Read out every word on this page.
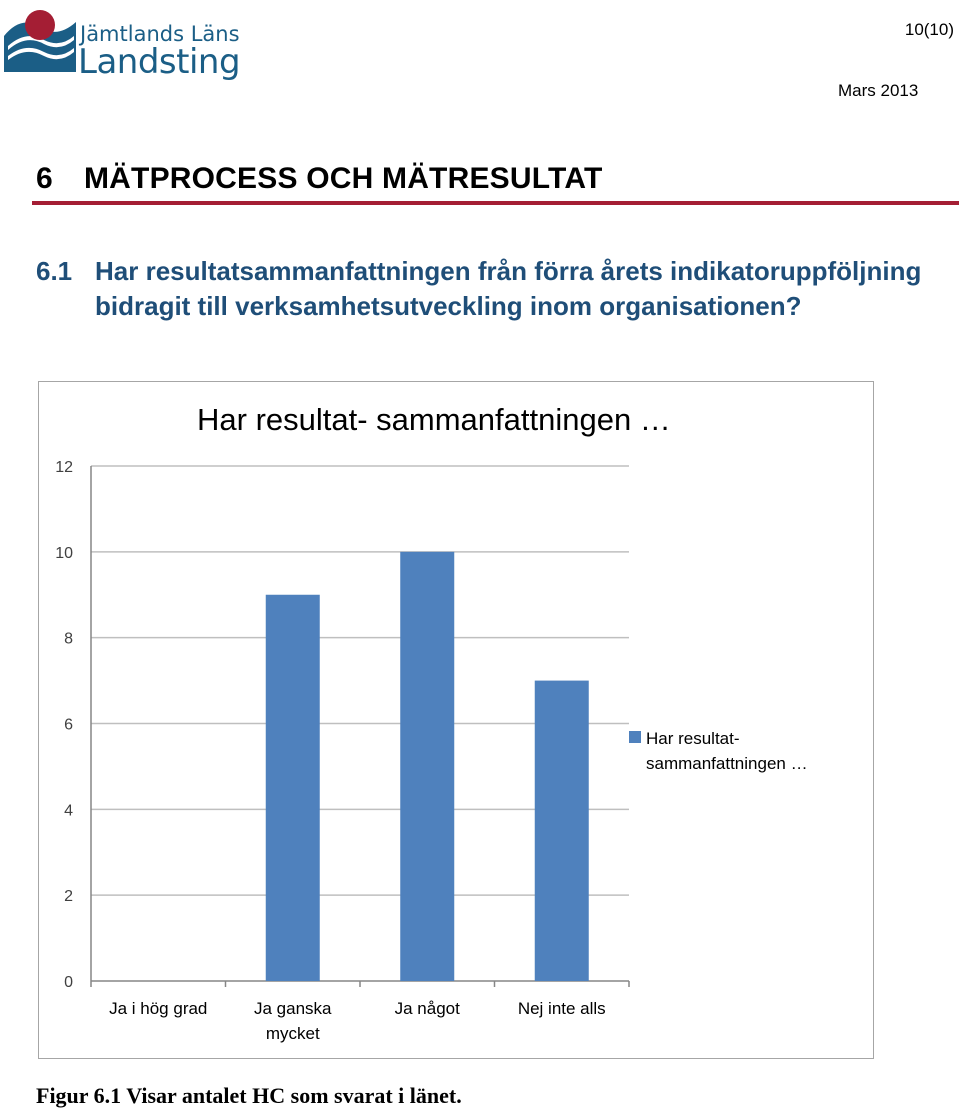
Jämtlands Läns
Landsting
10(10)
Mars 2013
6 MÄTPROCESS OCH MÄTRESULTAT
6.1 Har resultatsammanfattningen från förra årets indikatoruppföljning bidragit till verksamhetsutveckling inom organisationen?
0
2
4
6
8
10
12
Ja i hög grad	Ja ganska
mycket
Ja något	Nej inte alls
Har resultat- sammanfattningen …
Har resultat-
sammanfattningen …
Figur 6.1 Visar antalet HC som svarat i länet.
